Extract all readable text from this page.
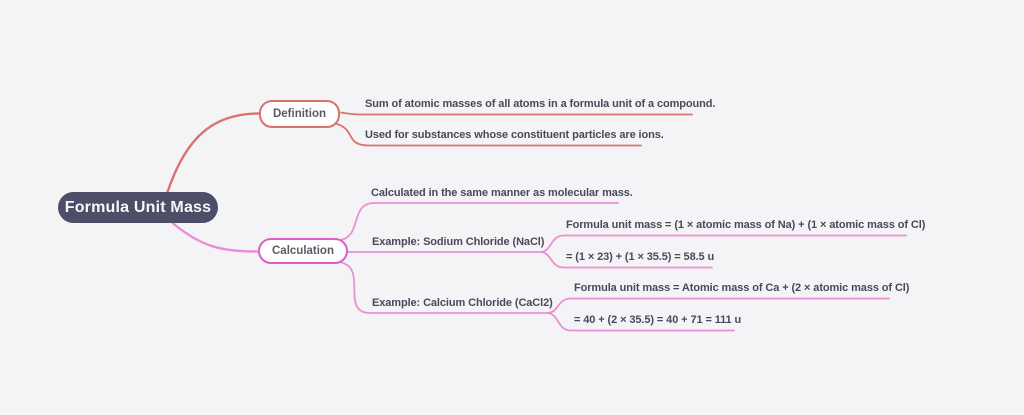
Formula Unit Mass
Definition
Calculation
Sum of atomic masses of all atoms in a formula unit of a compound.
Used for substances whose constituent particles are ions.
Calculated in the same manner as molecular mass.
Example: Sodium Chloride (NaCl)
Formula unit mass = (1 × atomic mass of Na) + (1 × atomic mass of Cl)
= (1 × 23) + (1 × 35.5) = 58.5 u
Example: Calcium Chloride (CaCl2)
Formula unit mass = Atomic mass of Ca + (2 × atomic mass of Cl)
= 40 + (2 × 35.5) = 40 + 71 = 111 u
